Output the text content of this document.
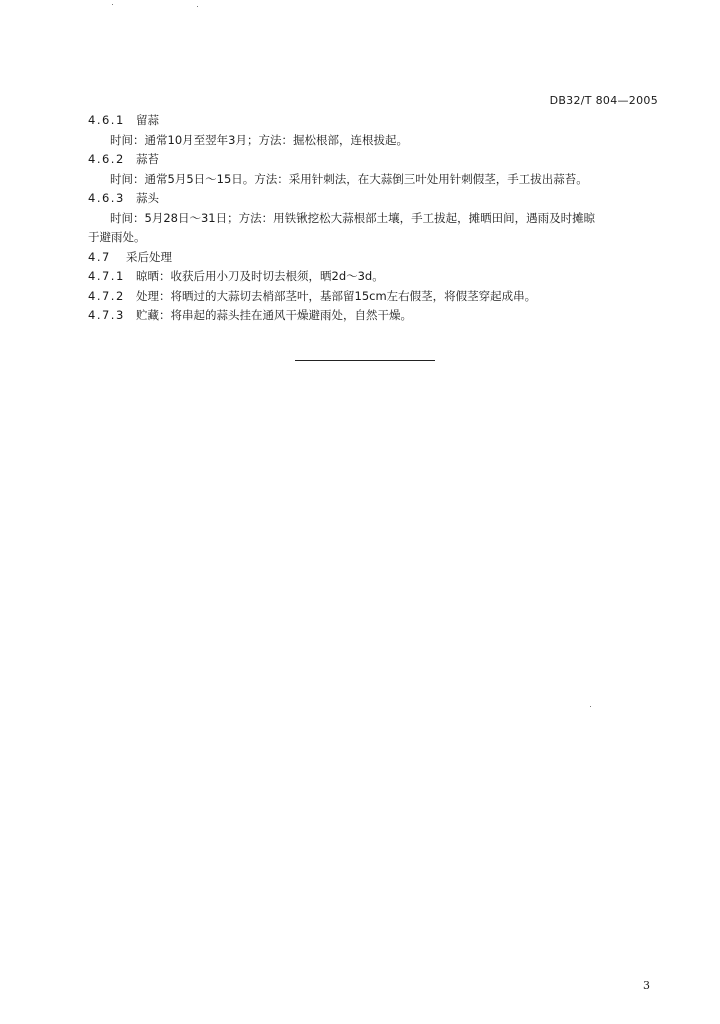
DB32/T 804—2005

4.6.1 留蒜

时间：通常10月至翌年3月；方法：掘松根部，连根拔起。

4.6.2 蒜苔

时间：通常5月5日～15日。方法：采用针刺法，在大蒜倒三叶处用针刺假茎，手工拔出蒜苔。

4.6.3 蒜头

时间：5月28日～31日；方法：用铁锹挖松大蒜根部土壤，手工拔起，摊晒田间，遇雨及时摊晾

于避雨处。

4.7 采后处理

4.7.1 晾晒：收获后用小刀及时切去根须，晒2d～3d。

4.7.2 处理：将晒过的大蒜切去梢部茎叶，基部留15cm左右假茎，将假茎穿起成串。

4.7.3 贮藏：将串起的蒜头挂在通风干燥避雨处，自然干燥。

3
